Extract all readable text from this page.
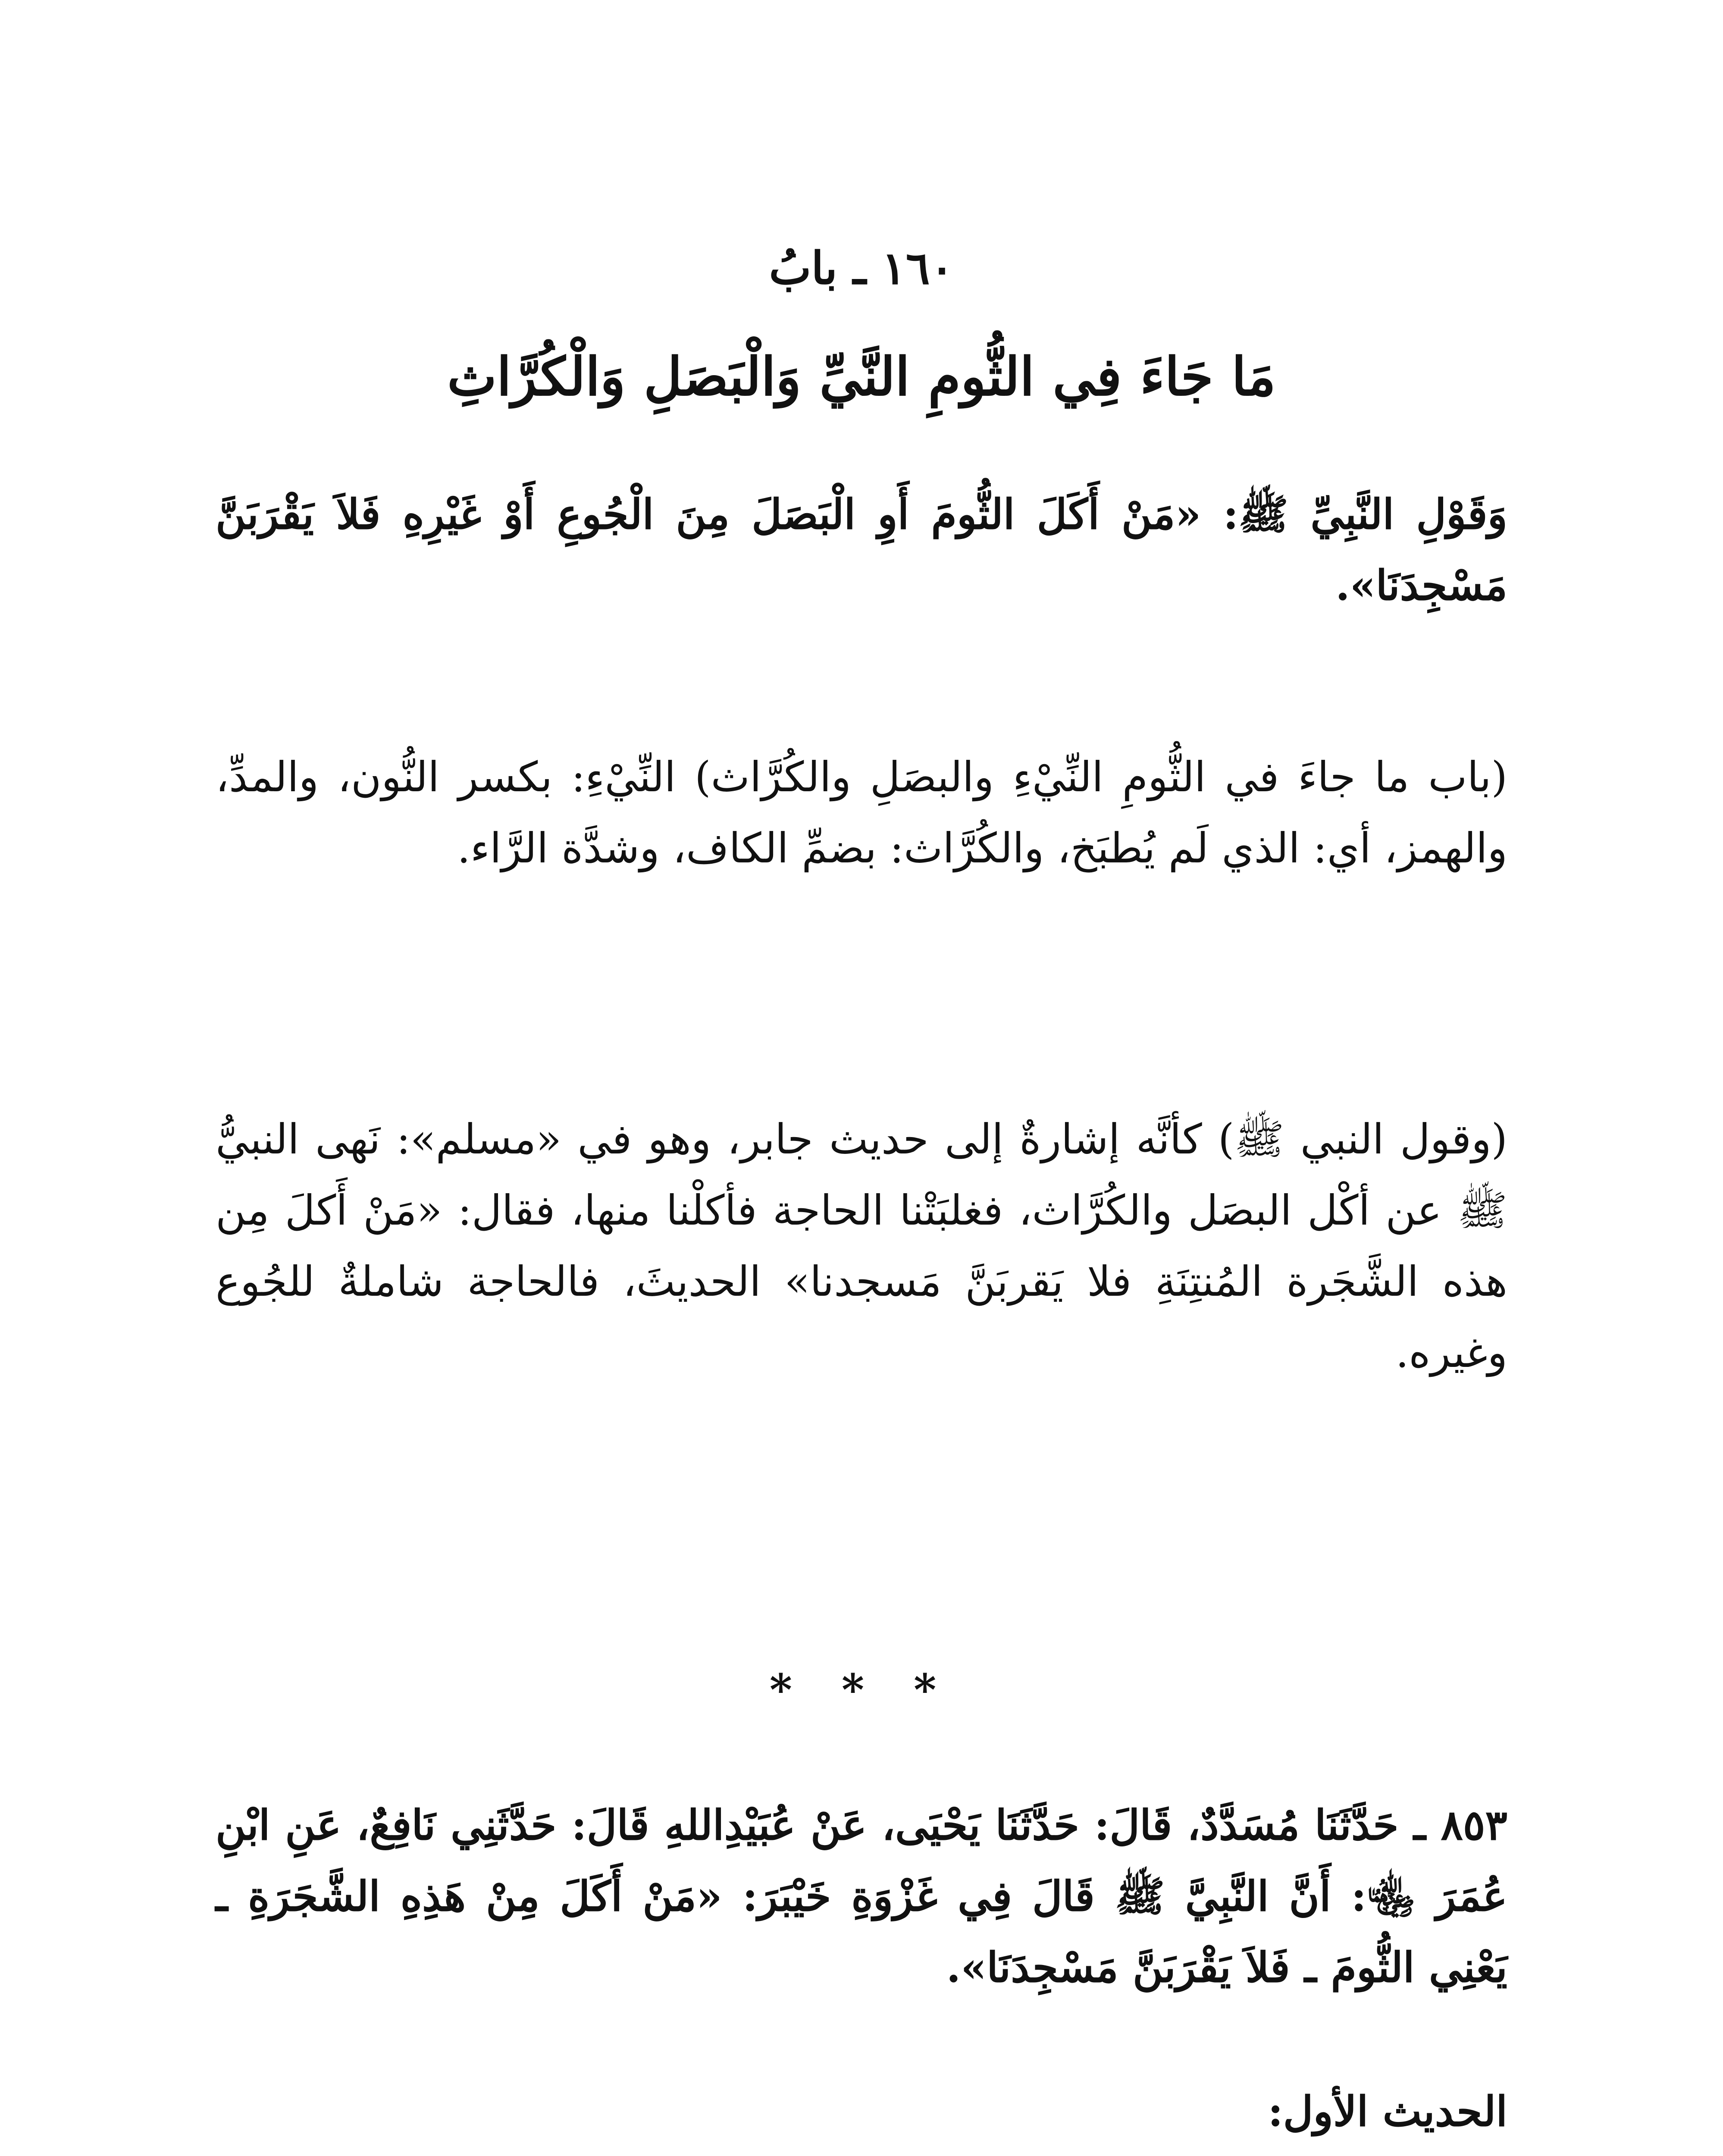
١٦٠ ـ بابُ
مَا جَاءَ فِي الثُّومِ النَّيِّ وَالْبَصَلِ وَالْكُرَّاثِ
وَقَوْلِ النَّبِيِّ ﷺ: «مَنْ أَكَلَ الثُّومَ أَوِ الْبَصَلَ مِنَ الْجُوعِ أَوْ غَيْرِهِ فَلاَ يَقْرَبَنَّ مَسْجِدَنَا».
(باب ما جاءَ في الثُّومِ النِّيْءِ والبصَلِ والكُرَّاث) النِّيْءِ: بكسر النُّون، والمدِّ، والهمز، أي: الذي لَم يُطبَخ، والكُرَّاث: بضمِّ الكاف، وشدَّة الرَّاء.
(وقول النبي ﷺ) كأنَّه إشارةٌ إلى حديث جابر، وهو في «مسلم»: نَهى النبيُّ ﷺ عن أكْل البصَل والكُرَّاث، فغلبَتْنا الحاجة فأكلْنا منها، فقال: «مَنْ أَكلَ مِن هذه الشَّجَرة المُنتِنَةِ فلا يَقربَنَّ مَسجدنا» الحديثَ، فالحاجة شاملةٌ للجُوع وغيره.
* * *
٨٥٣ ـ حَدَّثَنَا مُسَدَّدٌ، قَالَ: حَدَّثَنَا يَحْيَى، عَنْ عُبَيْدِاللهِ قَالَ: حَدَّثَنِي نَافِعٌ، عَنِ ابْنِ عُمَرَ ﵄: أَنَّ النَّبِيَّ ﷺ قَالَ فِي غَزْوَةِ خَيْبَرَ: «مَنْ أَكَلَ مِنْ هَذِهِ الشَّجَرَةِ ـ يَعْنِي الثُّومَ ـ فَلاَ يَقْرَبَنَّ مَسْجِدَنَا».
الحديث الأول:
